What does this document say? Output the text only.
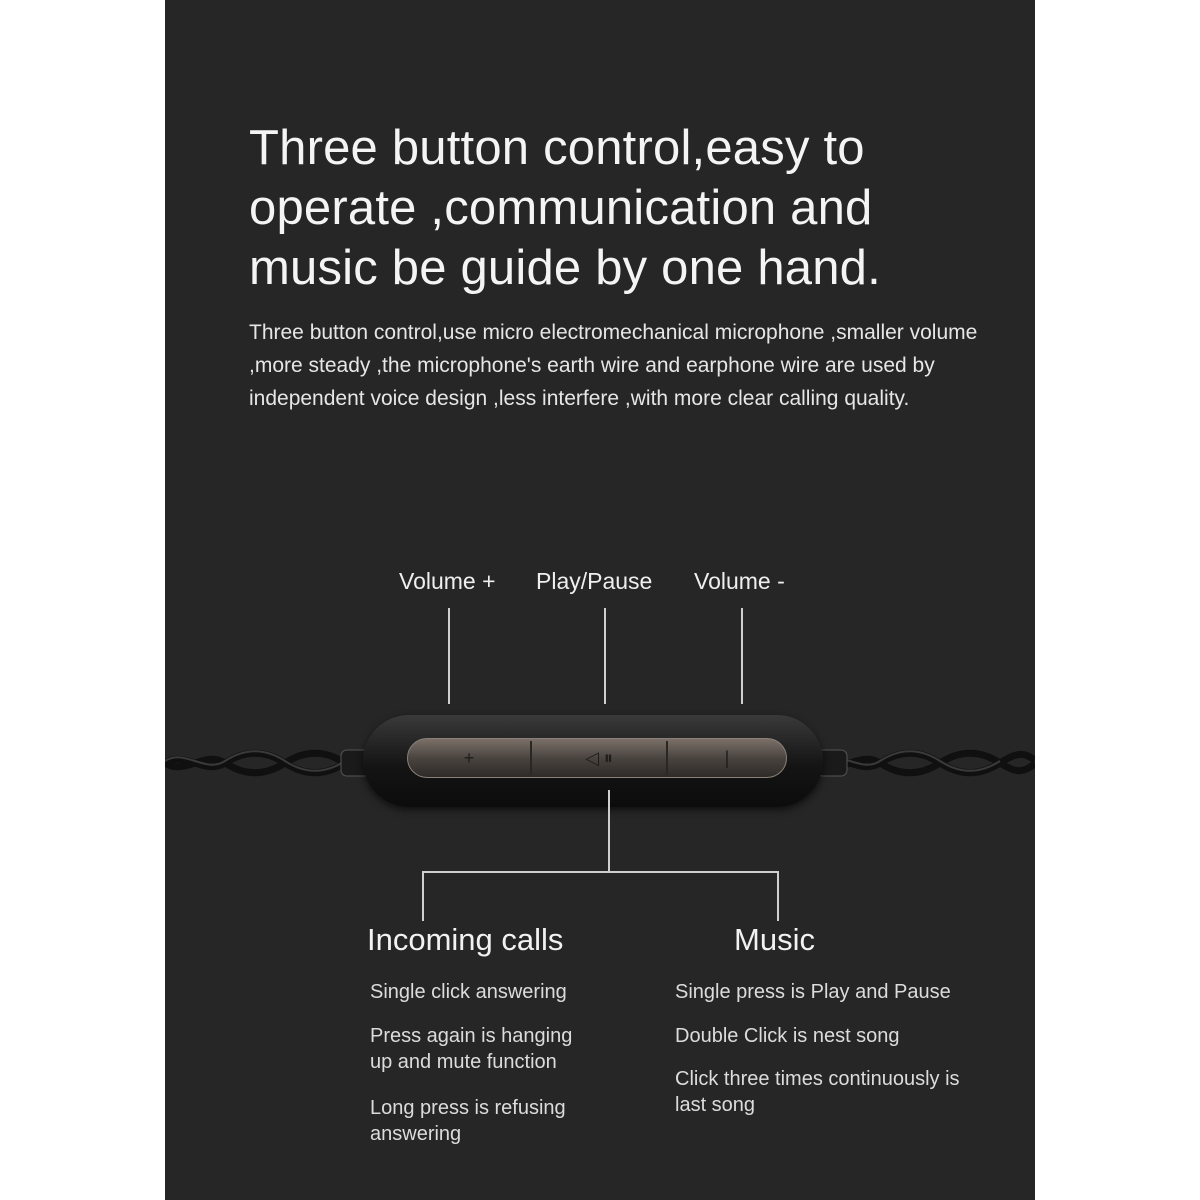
Three button control,easy to operate ,communication and music be guide by one hand.

Three button control,use micro electromechanical microphone ,smaller volume ,more steady ,the microphone's earth wire and earphone wire are used by independent voice design ,less interfere ,with more clear calling quality.

Volume + Play/Pause Volume -
+	◁ ⏸	|
Incoming calls

Single click answering

Press again is hanging up and mute function

Long press is refusing answering

Music

Single press is Play and Pause

Double Click is nest song

Click three times continuously is last song
